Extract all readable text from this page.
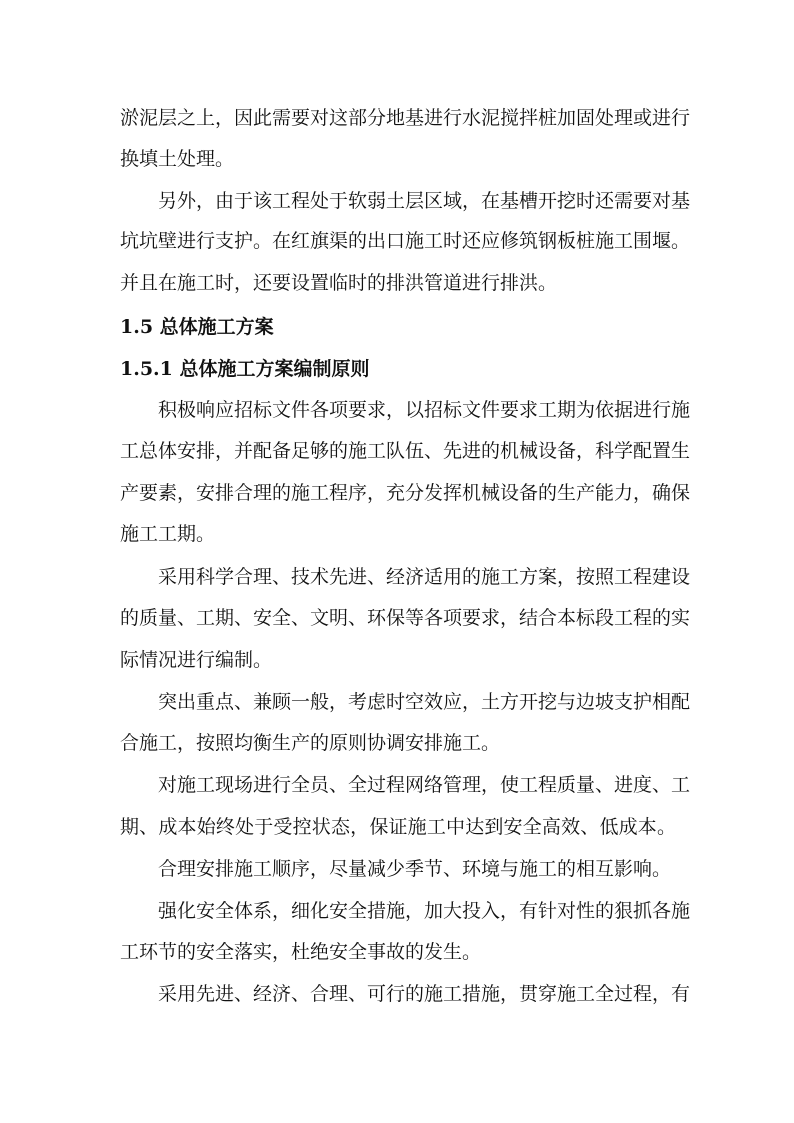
淤泥层之上，因此需要对这部分地基进行水泥搅拌桩加固处理或进行
换填土处理。
另外，由于该工程处于软弱土层区域，在基槽开挖时还需要对基
坑坑壁进行支护。在红旗渠的出口施工时还应修筑钢板桩施工围堰。
并且在施工时，还要设置临时的排洪管道进行排洪。
1.5 总体施工方案
1.5.1 总体施工方案编制原则
积极响应招标文件各项要求，以招标文件要求工期为依据进行施
工总体安排，并配备足够的施工队伍、先进的机械设备，科学配置生
产要素，安排合理的施工程序，充分发挥机械设备的生产能力，确保
施工工期。
采用科学合理、技术先进、经济适用的施工方案，按照工程建设
的质量、工期、安全、文明、环保等各项要求，结合本标段工程的实
际情况进行编制。
突出重点、兼顾一般，考虑时空效应，土方开挖与边坡支护相配
合施工，按照均衡生产的原则协调安排施工。
对施工现场进行全员、全过程网络管理，使工程质量、进度、工
期、成本始终处于受控状态，保证施工中达到安全高效、低成本。
合理安排施工顺序，尽量减少季节、环境与施工的相互影响。
强化安全体系，细化安全措施，加大投入，有针对性的狠抓各施
工环节的安全落实，杜绝安全事故的发生。
采用先进、经济、合理、可行的施工措施，贯穿施工全过程，有
